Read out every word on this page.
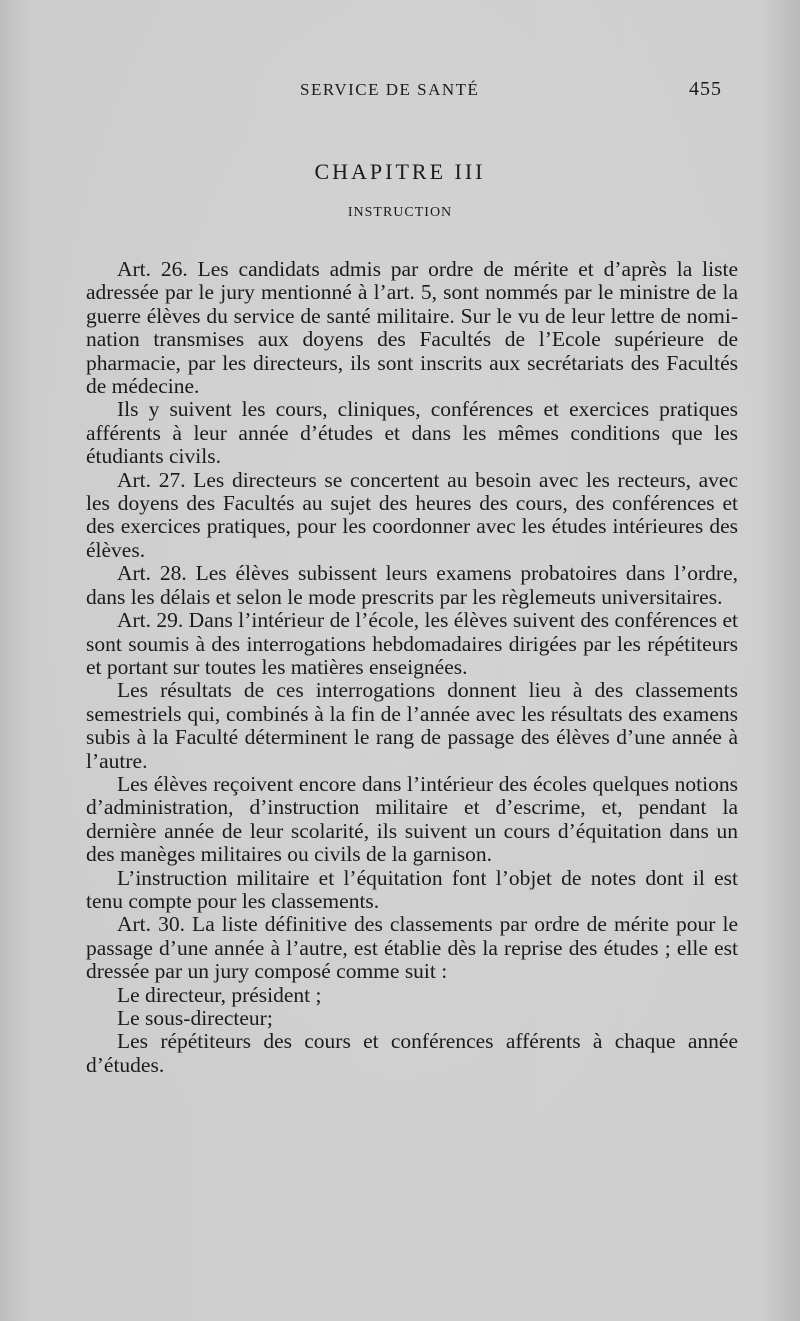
SERVICE DE SANTÉ	455
CHAPITRE III
INSTRUCTION

Art. 26. Les candidats admis par ordre de mérite et d’après la liste adressée par le jury mentionné à l’art. 5, sont nommés par le ministre de la guerre élèves du service de santé militaire. Sur le vu de leur lettre de nomination transmises aux doyens des Facultés de l’Ecole supérieure de pharmacie, par les directeurs, ils sont inscrits aux secrétariats des Facultés de médecine.

Ils y suivent les cours, cliniques, conférences et exercices pratiques afférents à leur année d’études et dans les mêmes conditions que les étudiants civils.

Art. 27. Les directeurs se concertent au besoin avec les recteurs, avec les doyens des Facultés au sujet des heures des cours, des conférences et des exercices pratiques, pour les coordonner avec les études intérieures des élèves.

Art. 28. Les élèves subissent leurs examens probatoires dans l’ordre, dans les délais et selon le mode prescrits par les règlemeuts universitaires.

Art. 29. Dans l’intérieur de l’école, les élèves suivent des conférences et sont soumis à des interrogations hebdomadaires dirigées par les répétiteurs et portant sur toutes les matières enseignées.

Les résultats de ces interrogations donnent lieu à des classements semestriels qui, combinés à la fin de l’année avec les résultats des examens subis à la Faculté déterminent le rang de passage des élèves d’une année à l’autre.

Les élèves reçoivent encore dans l’intérieur des écoles quelques notions d’administration, d’instruction militaire et d’escrime, et, pendant la dernière année de leur scolarité, ils suivent un cours d’équitation dans un des manèges militaires ou civils de la garnison.

L’instruction militaire et l’équitation font l’objet de notes dont il est tenu compte pour les classements.

Art. 30. La liste définitive des classements par ordre de mérite pour le passage d’une année à l’autre, est établie dès la reprise des études ; elle est dressée par un jury composé comme suit :

Le directeur, président ;

Le sous-directeur;

Les répétiteurs des cours et conférences afférents à chaque année d’études.
